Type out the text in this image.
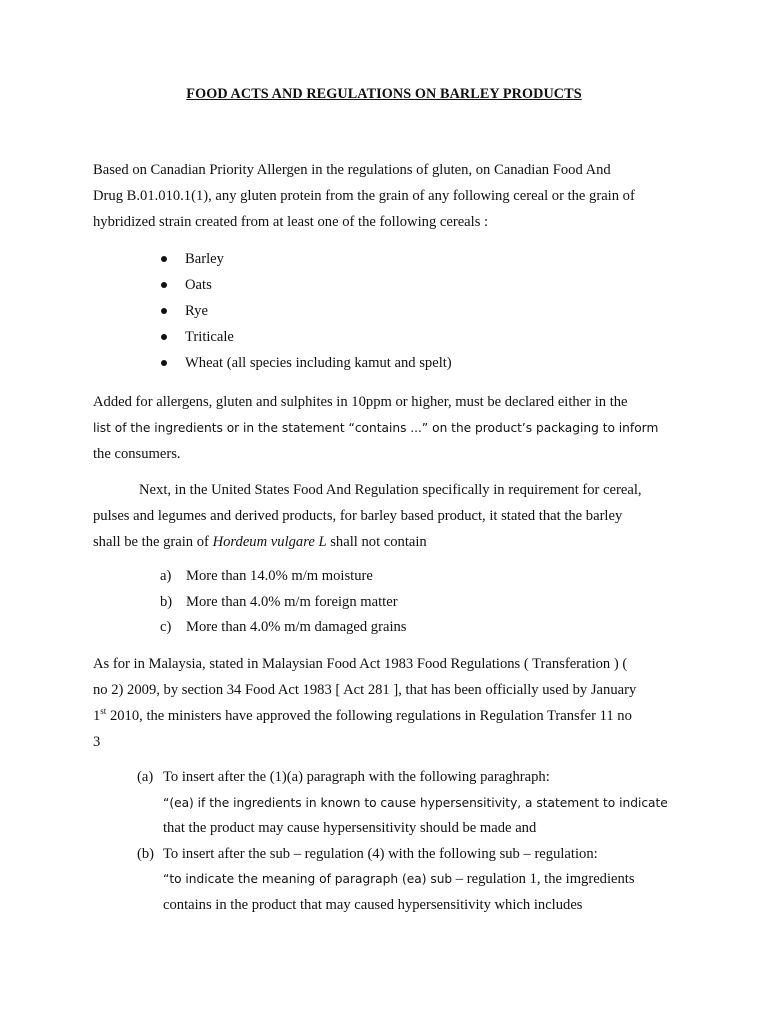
FOOD ACTS AND REGULATIONS ON BARLEY PRODUCTS

Based on Canadian Priority Allergen in the regulations of gluten, on Canadian Food And
Drug B.01.010.1(1), any gluten protein from the grain of any following cereal or the grain of
hybridized strain created from at least one of the following cereals :

Barley
Oats
Rye
Triticale
Wheat (all species including kamut and spelt)

Added for allergens, gluten and sulphites in 10ppm or higher, must be declared either in the
list of the ingredients or in the statement “contains ...” on the product’s packaging to inform
the consumers.

Next, in the United States Food And Regulation specifically in requirement for cereal,
pulses and legumes and derived products, for barley based product, it stated that the barley
shall be the grain of Hordeum vulgare L shall not contain

a) More than 14.0% m/m moisture
b) More than 4.0% m/m foreign matter
c) More than 4.0% m/m damaged grains

As for in Malaysia, stated in Malaysian Food Act 1983 Food Regulations ( Transferation ) (
no 2) 2009, by section 34 Food Act 1983 [ Act 281 ], that has been officially used by January
1st 2010, the ministers have approved the following regulations in Regulation Transfer 11 no
3

(a) To insert after the (1)(a) paragraph with the following paraghraph:
“(ea) if the ingredients in known to cause hypersensitivity, a statement to indicate
that the product may cause hypersensitivity should be made and
(b) To insert after the sub – regulation (4) with the following sub – regulation:
“to indicate the meaning of paragraph (ea) sub – regulation 1, the imgredients
contains in the product that may caused hypersensitivity which includes
